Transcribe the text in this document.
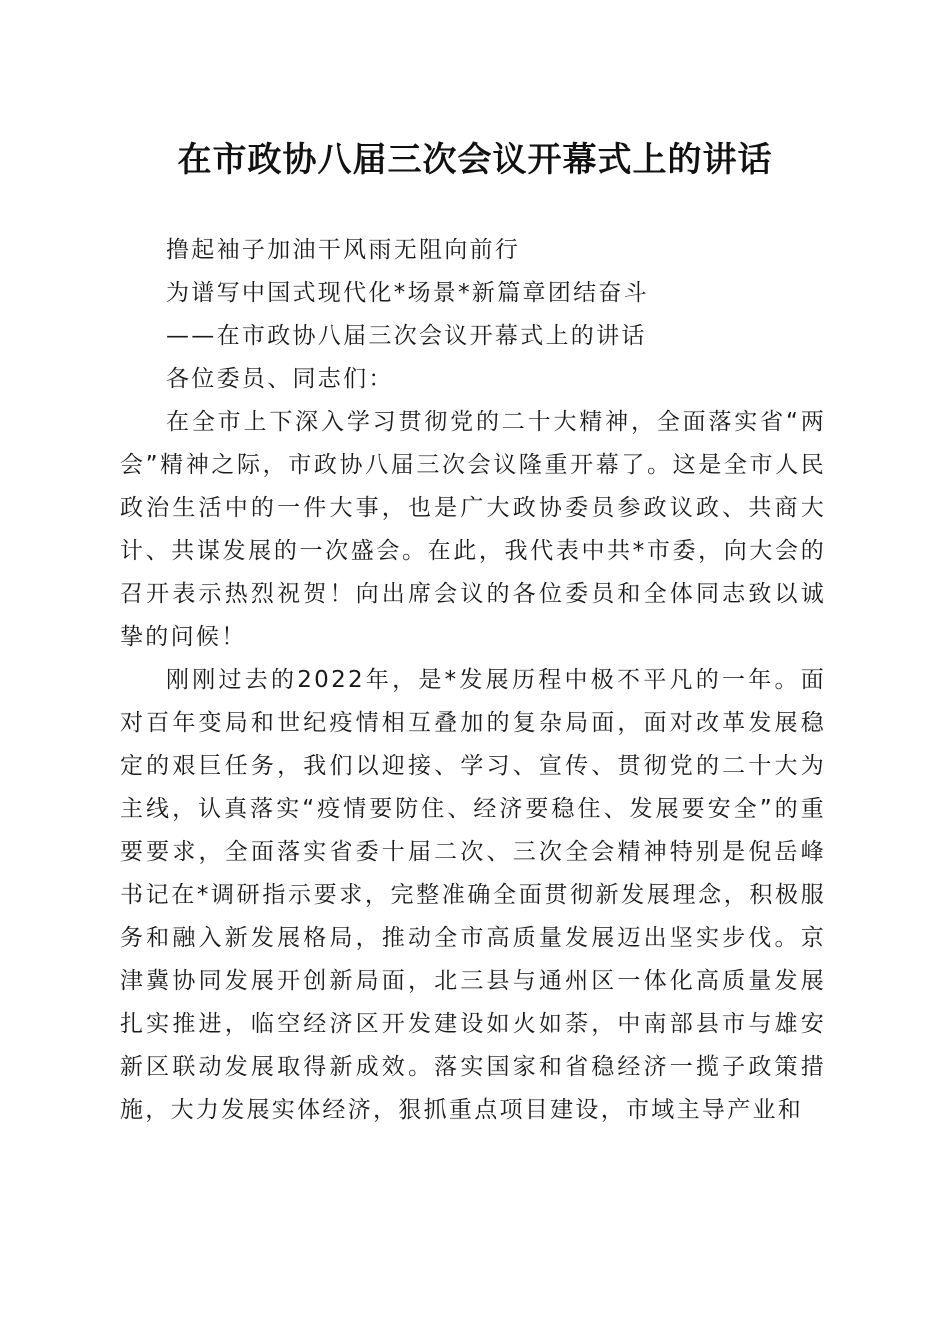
在市政协八届三次会议开幕式上的讲话

撸起袖子加油干风雨无阻向前行

为谱写中国式现代化*场景*新篇章团结奋斗

——在市政协八届三次会议开幕式上的讲话

各位委员、同志们：

在全市上下深入学习贯彻党的二十大精神，全面落实省“两会”精神之际，市政协八届三次会议隆重开幕了。这是全市人民政治生活中的一件大事，也是广大政协委员参政议政、共商大计、共谋发展的一次盛会。在此，我代表中共*市委，向大会的召开表示热烈祝贺！向出席会议的各位委员和全体同志致以诚挚的问候！

刚刚过去的2022年，是*发展历程中极不平凡的一年。面对百年变局和世纪疫情相互叠加的复杂局面，面对改革发展稳定的艰巨任务，我们以迎接、学习、宣传、贯彻党的二十大为主线，认真落实“疫情要防住、经济要稳住、发展要安全”的重要要求，全面落实省委十届二次、三次全会精神特别是倪岳峰书记在*调研指示要求，完整准确全面贯彻新发展理念，积极服务和融入新发展格局，推动全市高质量发展迈出坚实步伐。京津冀协同发展开创新局面，北三县与通州区一体化高质量发展扎实推进，临空经济区开发建设如火如荼，中南部县市与雄安新区联动发展取得新成效。落实国家和省稳经济一揽子政策措施，大力发展实体经济，狠抓重点项目建设，市域主导产业和
